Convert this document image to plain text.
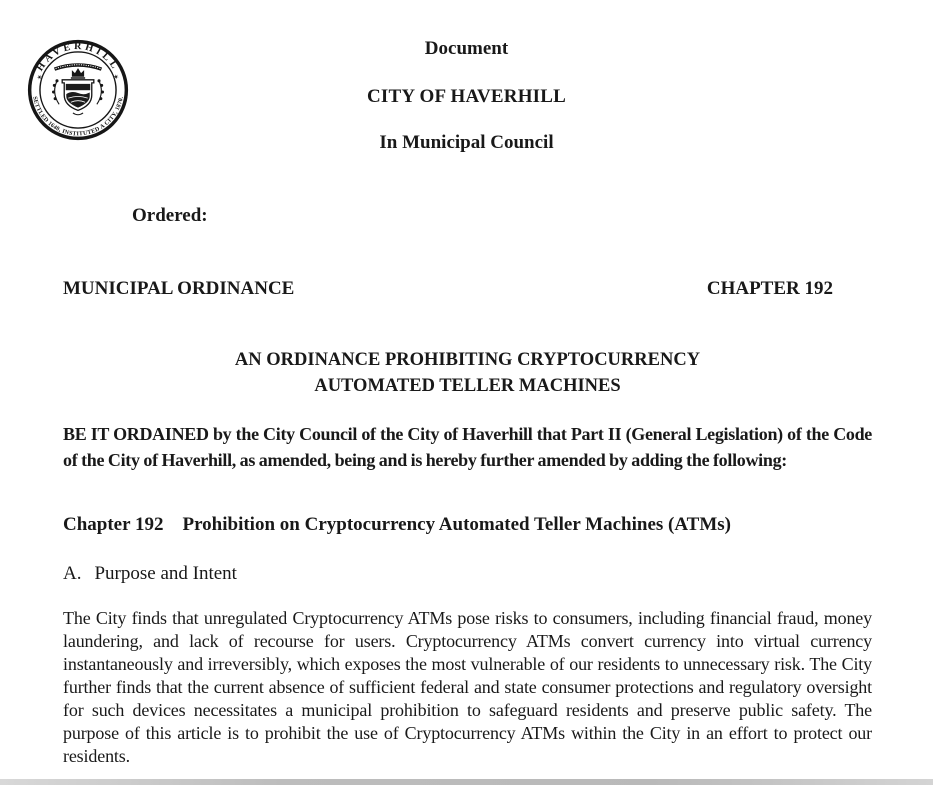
HAVERHILL
SETTLED 1640, INSTITUTED A CITY, 1870.
✶	✶
Document
CITY OF HAVERHILL
In Municipal Council
Ordered:
MUNICIPAL ORDINANCE	CHAPTER 192
AN ORDINANCE PROHIBITING CRYPTOCURRENCY
AUTOMATED TELLER MACHINES

BE IT ORDAINED by the City Council of the City of Haverhill that Part II (General Legislation) of the Code of the City of Haverhill, as amended, being and is hereby further amended by adding the following:

Chapter 192 Prohibition on Cryptocurrency Automated Teller Machines (ATMs)
A. Purpose and Intent

The City finds that unregulated Cryptocurrency ATMs pose risks to consumers, including financial fraud, money laundering, and lack of recourse for users. Cryptocurrency ATMs convert currency into virtual currency instantaneously and irreversibly, which exposes the most vulnerable of our residents to unnecessary risk. The City further finds that the current absence of sufficient federal and state consumer protections and regulatory oversight for such devices necessitates a municipal prohibition to safeguard residents and preserve public safety. The purpose of this article is to prohibit the use of Cryptocurrency ATMs within the City in an effort to protect our residents.
